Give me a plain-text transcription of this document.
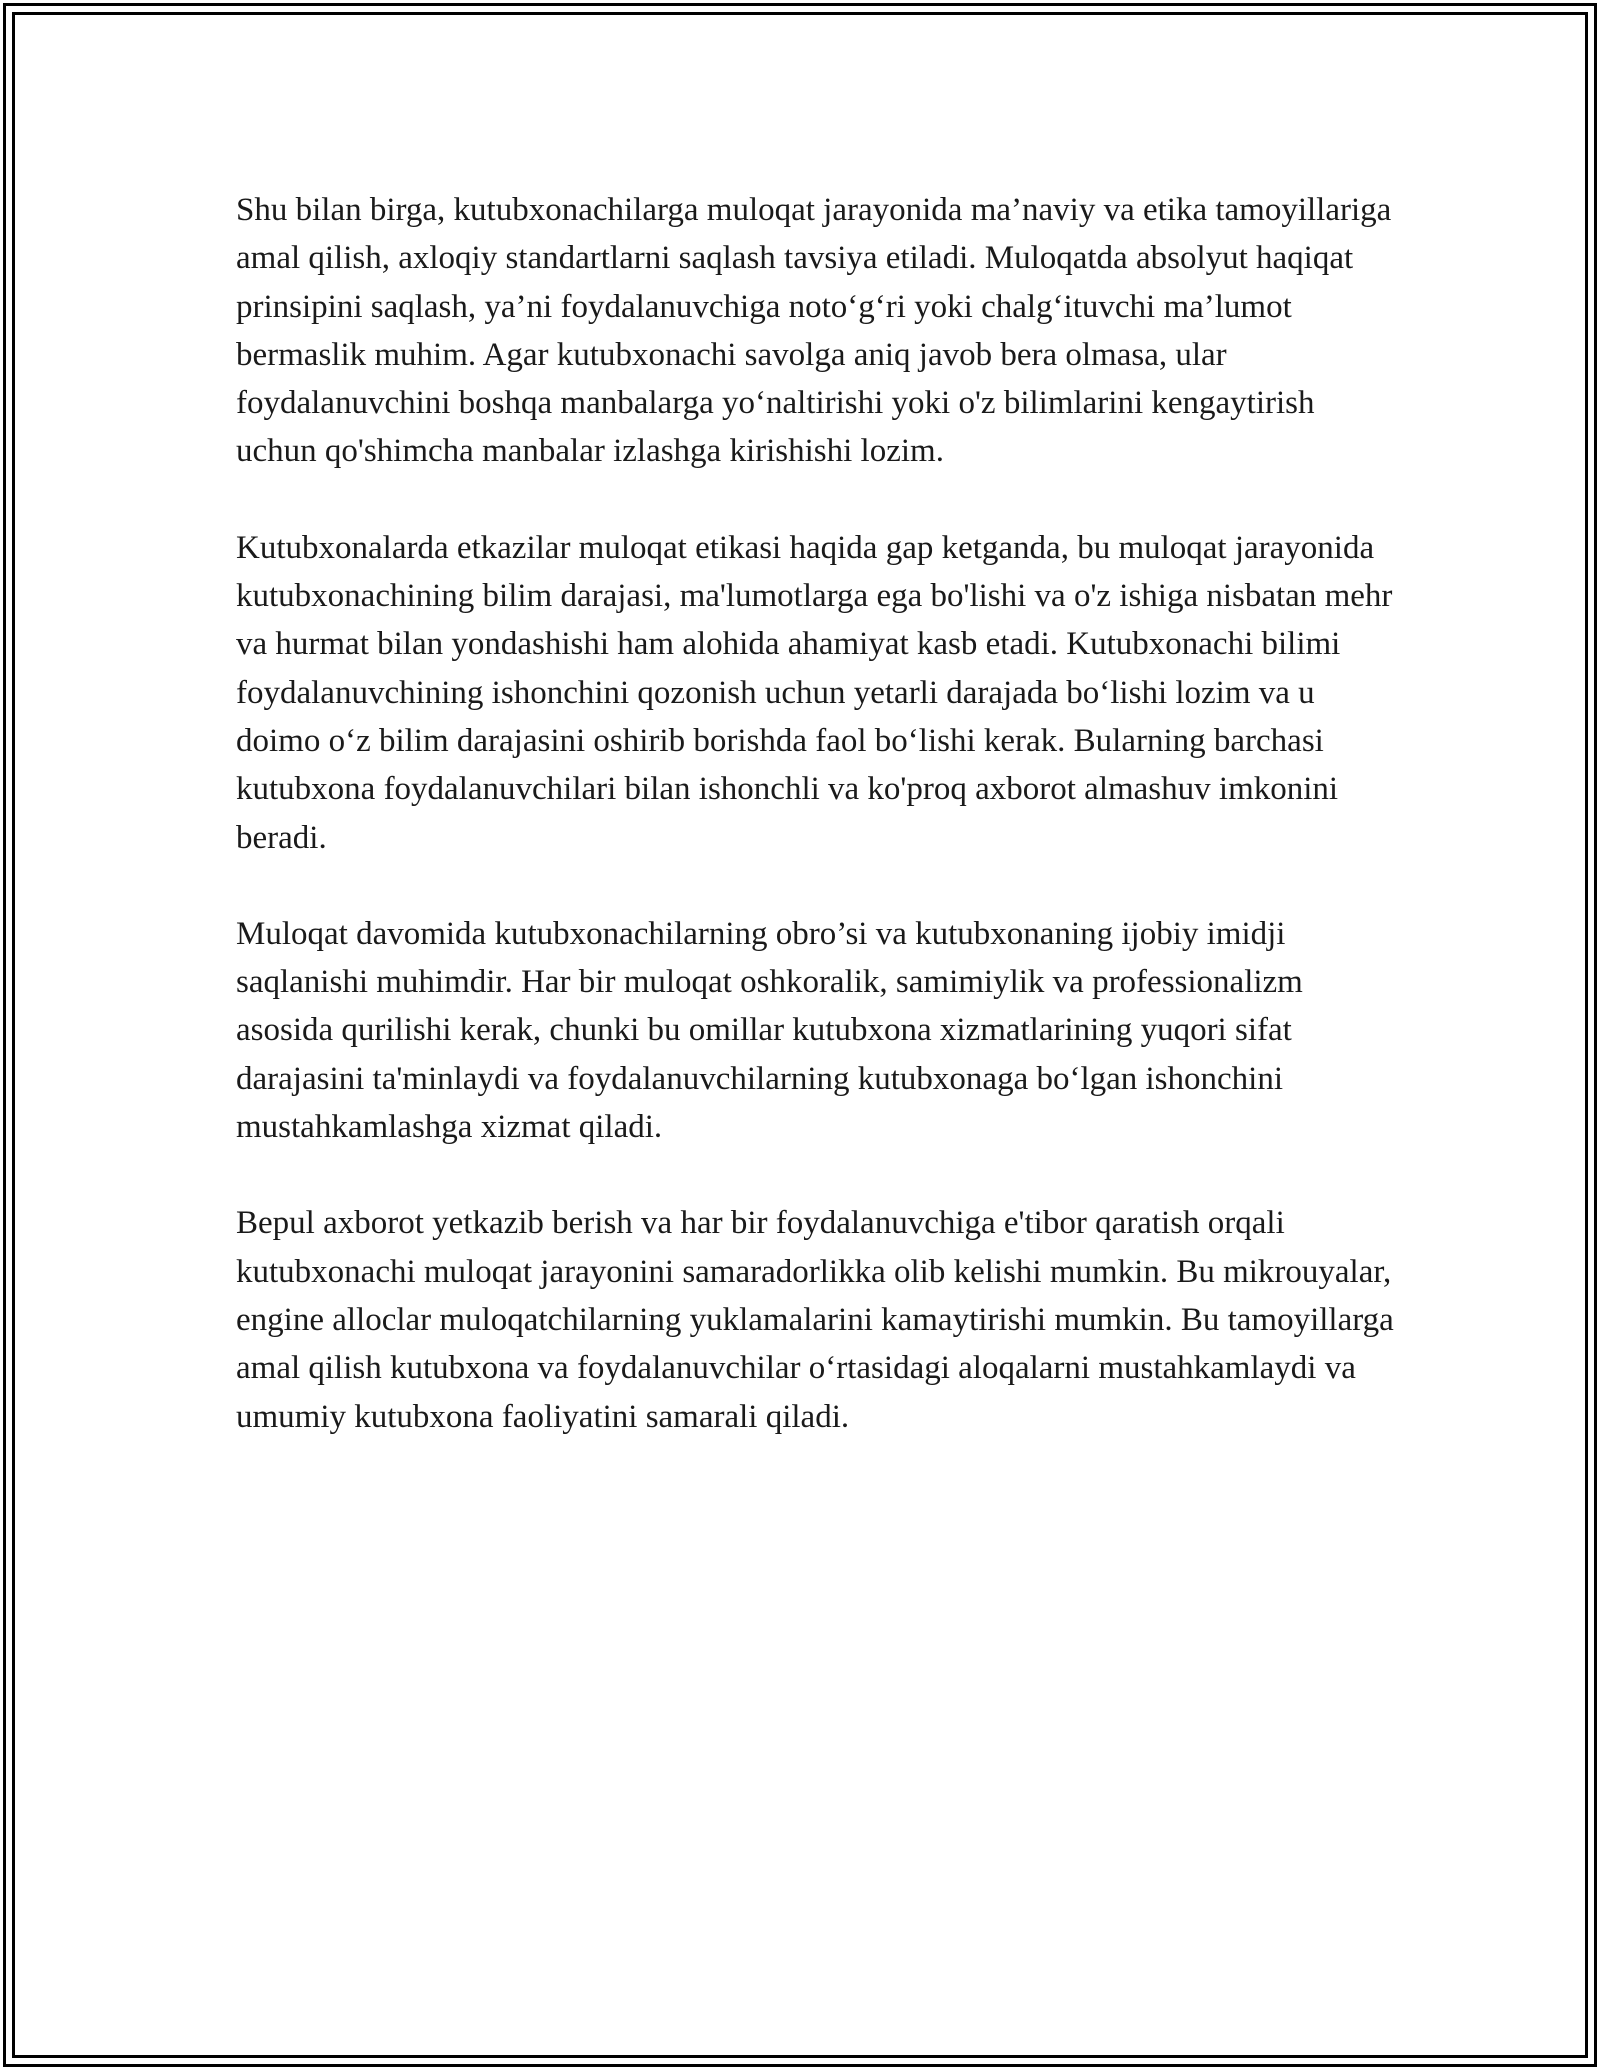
Shu bilan birga, kutubxonachilarga muloqat jarayonida ma’naviy va etika tamoyillariga amal qilish, axloqiy standartlarni saqlash tavsiya etiladi. Muloqatda absolyut haqiqat prinsipini saqlash, ya’ni foydalanuvchiga noto‘g‘ri yoki chalg‘ituvchi ma’lumot bermaslik muhim. Agar kutubxonachi savolga aniq javob bera olmasa, ular foydalanuvchini boshqa manbalarga yo‘naltirishi yoki o'z bilimlarini kengaytirish uchun qo'shimcha manbalar izlashga kirishishi lozim.

Kutubxonalarda etkazilar muloqat etikasi haqida gap ketganda, bu muloqat jarayonida kutubxonachining bilim darajasi, ma'lumotlarga ega bo'lishi va o'z ishiga nisbatan mehr va hurmat bilan yondashishi ham alohida ahamiyat kasb etadi. Kutubxonachi bilimi foydalanuvchining ishonchini qozonish uchun yetarli darajada bo‘lishi lozim va u doimo o‘z bilim darajasini oshirib borishda faol bo‘lishi kerak. Bularning barchasi kutubxona foydalanuvchilari bilan ishonchli va ko'proq axborot almashuv imkonini beradi.

Muloqat davomida kutubxonachilarning obro’si va kutubxonaning ijobiy imidji saqlanishi muhimdir. Har bir muloqat oshkoralik, samimiylik va professionalizm asosida qurilishi kerak, chunki bu omillar kutubxona xizmatlarining yuqori sifat darajasini ta'minlaydi va foydalanuvchilarning kutubxonaga bo‘lgan ishonchini mustahkamlashga xizmat qiladi.

Bepul axborot yetkazib berish va har bir foydalanuvchiga e'tibor qaratish orqali kutubxonachi muloqat jarayonini samaradorlikka olib kelishi mumkin. Bu mikrouyalar, engine alloclar muloqatchilarning yuklamalarini kamaytirishi mumkin. Bu tamoyillarga amal qilish kutubxona va foydalanuvchilar o‘rtasidagi aloqalarni mustahkamlaydi va umumiy kutubxona faoliyatini samarali qiladi.
